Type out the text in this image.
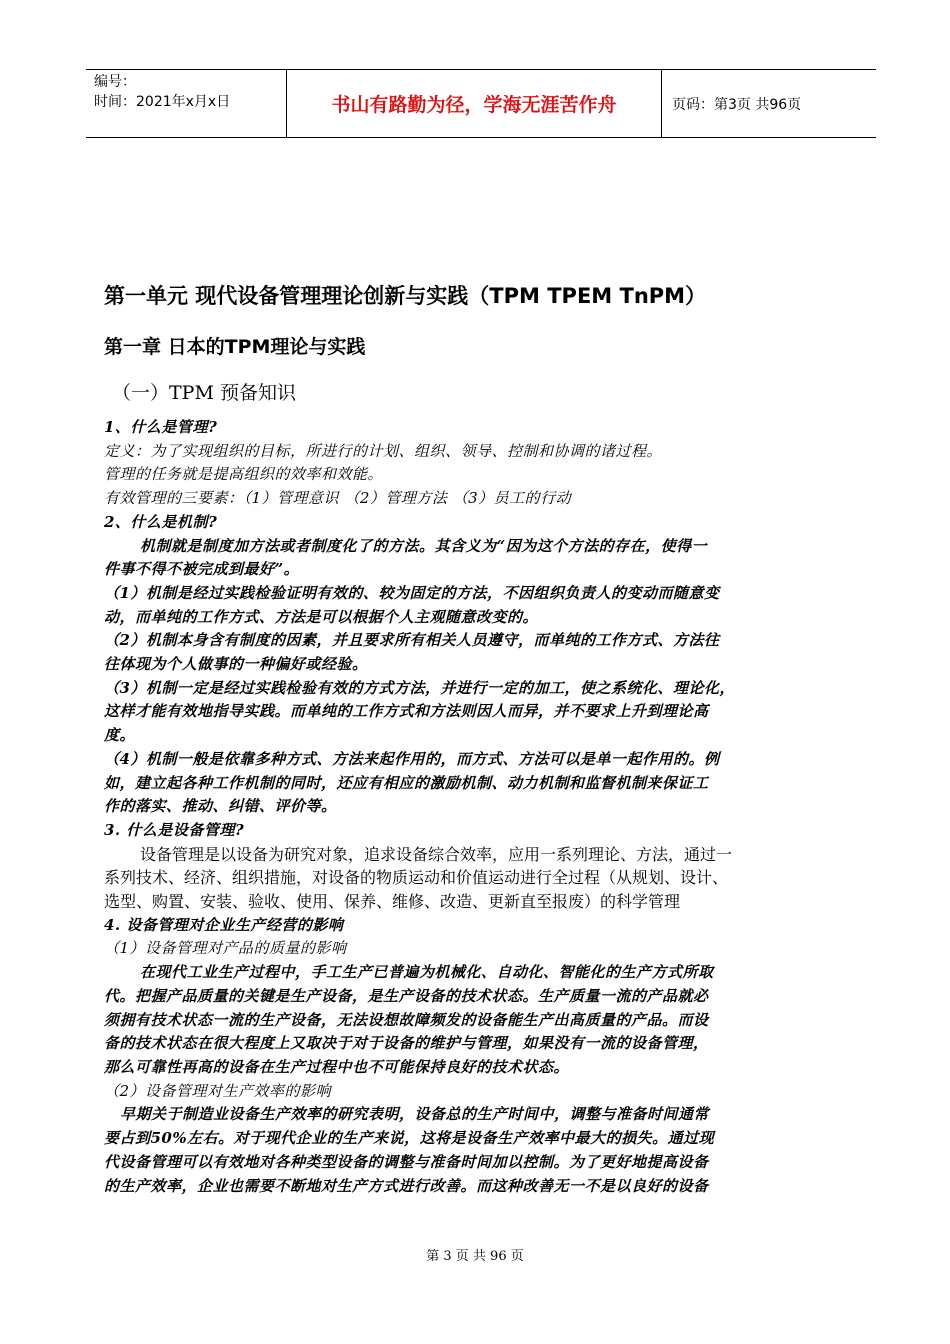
编号：
时间：2021年x月x日	书山有路勤为径，学海无涯苦作舟	页码：第3页 共96页
第一单元 现代设备管理理论创新与实践（TPM TPEM TnPM）
第一章 日本的TPM理论与实践
（一）TPM 预备知识
1、什么是管理?
定义：为了实现组织的目标，所进行的计划、组织、领导、控制和协调的诸过程。
管理的任务就是提高组织的效率和效能。
有效管理的三要素：（1）管理意识 （2）管理方法 （3）员工的行动
2、什么是机制?
机制就是制度加方法或者制度化了的方法。其含义为“因为这个方法的存在，使得一
件事不得不被完成到最好”。
（1）机制是经过实践检验证明有效的、较为固定的方法，不因组织负责人的变动而随意变
动，而单纯的工作方式、方法是可以根据个人主观随意改变的。
（2）机制本身含有制度的因素，并且要求所有相关人员遵守，而单纯的工作方式、方法往
往体现为个人做事的一种偏好或经验。
（3）机制一定是经过实践检验有效的方式方法，并进行一定的加工，使之系统化、理论化，
这样才能有效地指导实践。而单纯的工作方式和方法则因人而异，并不要求上升到理论高
度。
（4）机制一般是依靠多种方式、方法来起作用的，而方式、方法可以是单一起作用的。例
如，建立起各种工作机制的同时，还应有相应的激励机制、动力机制和监督机制来保证工
作的落实、推动、纠错、评价等。
3. 什么是设备管理?
设备管理是以设备为研究对象，追求设备综合效率，应用一系列理论、方法，通过一
系列技术、经济、组织措施，对设备的物质运动和价值运动进行全过程（从规划、设计、
选型、购置、安装、验收、使用、保养、维修、改造、更新直至报废）的科学管理
4. 设备管理对企业生产经营的影响
（1）设备管理对产品的质量的影响
在现代工业生产过程中，手工生产已普遍为机械化、自动化、智能化的生产方式所取
代。把握产品质量的关键是生产设备，是生产设备的技术状态。生产质量一流的产品就必
须拥有技术状态一流的生产设备，无法设想故障频发的设备能生产出高质量的产品。而设
备的技术状态在很大程度上又取决于对于设备的维护与管理，如果没有一流的设备管理，
那么可靠性再高的设备在生产过程中也不可能保持良好的技术状态。
（2）设备管理对生产效率的影响
早期关于制造业设备生产效率的研究表明，设备总的生产时间中，调整与准备时间通常
要占到50%左右。对于现代企业的生产来说，这将是设备生产效率中最大的损失。通过现
代设备管理可以有效地对各种类型设备的调整与准备时间加以控制。为了更好地提高设备
的生产效率，企业也需要不断地对生产方式进行改善。而这种改善无一不是以良好的设备
第 3 页 共 96 页
